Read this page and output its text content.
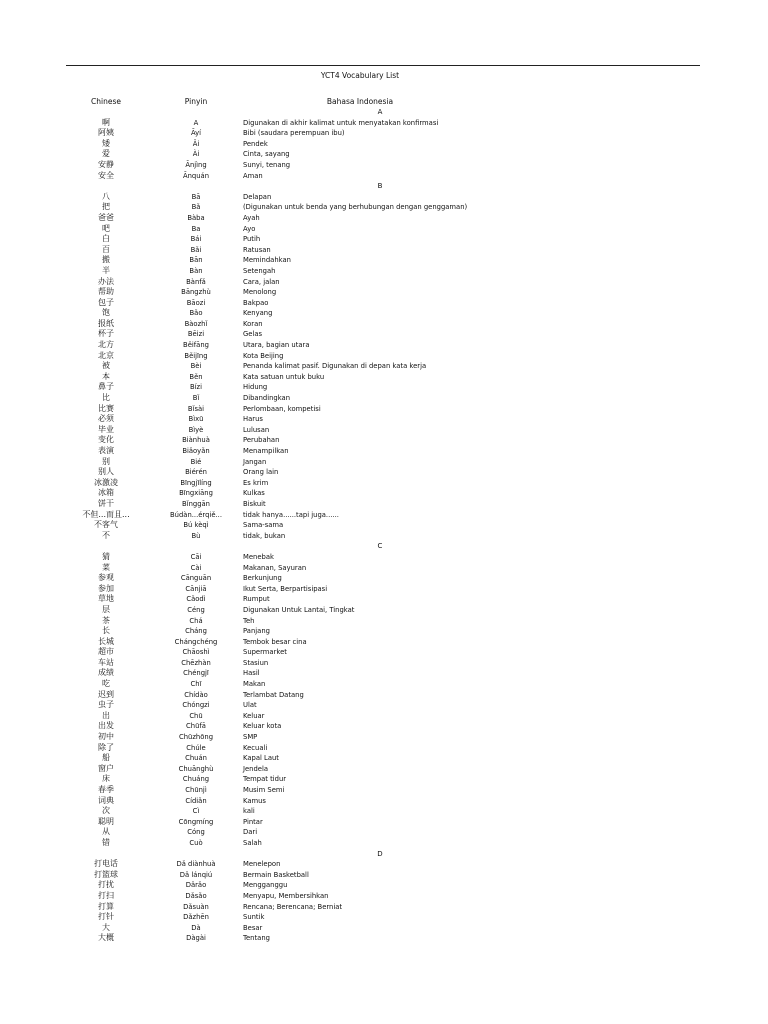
YCT4 Vocabulary List
Chinese	Pinyin	Bahasa Indonesia
A
啊	A	Digunakan di akhir kalimat untuk menyatakan konfirmasi
阿姨	Āyí	Bibi (saudara perempuan ibu)
矮	Ǎi	Pendek
爱	Ài	Cinta, sayang
安静	Ānjìng	Sunyi, tenang
安全	Ānquán	Aman
B
八	Bā	Delapan
把	Bǎ	(Digunakan untuk benda yang berhubungan dengan genggaman)
爸爸	Bàba	Ayah
吧	Ba	Ayo
白	Bái	Putih
百	Bǎi	Ratusan
搬	Bān	Memindahkan
半	Bàn	Setengah
办法	Bànfǎ	Cara, jalan
帮助	Bāngzhù	Menolong
包子	Bāozi	Bakpao
饱	Bǎo	Kenyang
报纸	Bàozhǐ	Koran
杯子	Bēizi	Gelas
北方	Běifāng	Utara, bagian utara
北京	Běijīng	Kota Beijing
被	Bèi	Penanda kalimat pasif. Digunakan di depan kata kerja
本	Běn	Kata satuan untuk buku
鼻子	Bízi	Hidung
比	Bǐ	Dibandingkan
比赛	Bǐsài	Perlombaan, kompetisi
必须	Bìxū	Harus
毕业	Bìyè	Lulusan
变化	Biànhuà	Perubahan
表演	Biǎoyǎn	Menampilkan
别	Bié	Jangan
别人	Biérén	Orang lain
冰激凌	Bīngjīlíng	Es krim
冰箱	Bīngxiāng	Kulkas
饼干	Bǐnggān	Biskuit
不但...而且...	Búdàn...érqiě...	tidak hanya......tapi juga......
不客气	Bú kèqì	Sama-sama
不	Bù	tidak, bukan
C
猜	Cāi	Menebak
菜	Cài	Makanan, Sayuran
参观	Cānguān	Berkunjung
参加	Cānjiā	Ikut Serta, Berpartisipasi
草地	Cǎodì	Rumput
层	Céng	Digunakan Untuk Lantai, Tingkat
茶	Chá	Teh
长	Cháng	Panjang
长城	Chángchéng	Tembok besar cina
超市	Chāoshì	Supermarket
车站	Chēzhàn	Stasiun
成绩	Chéngjī	Hasil
吃	Chī	Makan
迟到	Chídào	Terlambat Datang
虫子	Chóngzi	Ulat
出	Chū	Keluar
出发	Chūfā	Keluar kota
初中	Chūzhōng	SMP
除了	Chúle	Kecuali
船	Chuán	Kapal Laut
窗户	Chuānghù	Jendela
床	Chuáng	Tempat tidur
春季	Chūnjì	Musim Semi
词典	Cídiǎn	Kamus
次	Cì	kali
聪明	Cōngmíng	Pintar
从	Cóng	Dari
错	Cuò	Salah
D
打电话	Dǎ diànhuà	Menelepon
打篮球	Dǎ lánqiú	Bermain Basketball
打扰	Dǎrǎo	Mengganggu
打扫	Dǎsǎo	Menyapu, Membersihkan
打算	Dǎsuàn	Rencana; Berencana; Berniat
打针	Dǎzhēn	Suntik
大	Dà	Besar
大概	Dàgài	Tentang
